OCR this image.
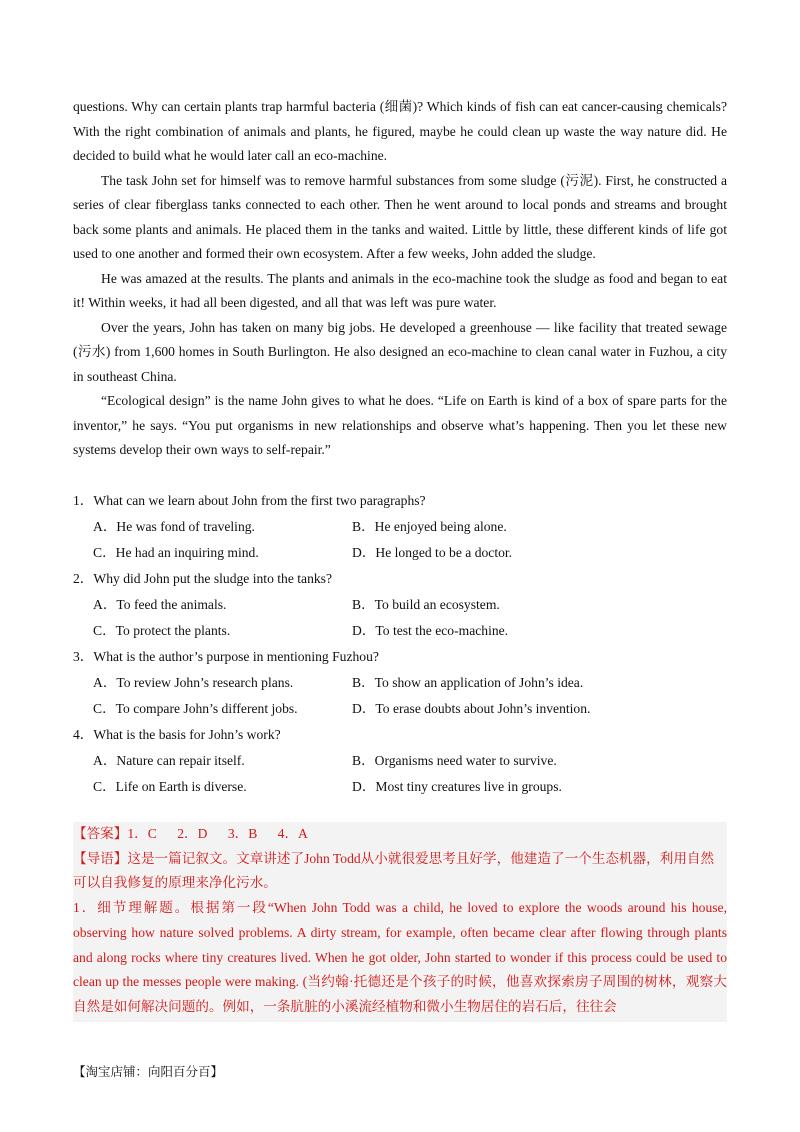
questions. Why can certain plants trap harmful bacteria (细菌)? Which kinds of fish can eat cancer-causing chemicals? With the right combination of animals and plants, he figured, maybe he could clean up waste the way nature did. He decided to build what he would later call an eco-machine.

The task John set for himself was to remove harmful substances from some sludge (污泥). First, he constructed a series of clear fiberglass tanks connected to each other. Then he went around to local ponds and streams and brought back some plants and animals. He placed them in the tanks and waited. Little by little, these different kinds of life got used to one another and formed their own ecosystem. After a few weeks, John added the sludge.

He was amazed at the results. The plants and animals in the eco-machine took the sludge as food and began to eat it! Within weeks, it had all been digested, and all that was left was pure water.

Over the years, John has taken on many big jobs. He developed a greenhouse — like facility that treated sewage (污水) from 1,600 homes in South Burlington. He also designed an eco-machine to clean canal water in Fuzhou, a city in southeast China.

“Ecological design” is the name John gives to what he does. “Life on Earth is kind of a box of spare parts for the inventor,” he says. “You put organisms in new relationships and observe what’s happening. Then you let these new systems develop their own ways to self-repair.”

1．What can we learn about John from the first two paragraphs?
A．He was fond of traveling.	B．He enjoyed being alone.
C．He had an inquiring mind.	D．He longed to be a doctor.
2．Why did John put the sludge into the tanks?
A．To feed the animals.	B．To build an ecosystem.
C．To protect the plants.	D．To test the eco-machine.
3．What is the author’s purpose in mentioning Fuzhou?
A．To review John’s research plans.	B．To show an application of John’s idea.
C．To compare John’s different jobs.	D．To erase doubts about John’s invention.
4．What is the basis for John’s work?
A．Nature can repair itself.	B．Organisms need water to survive.
C．Life on Earth is diverse.	D．Most tiny creatures live in groups.

【答案】1．C      2．D      3．B      4．A

【导语】这是一篇记叙文。文章讲述了John Todd从小就很爱思考且好学，他建造了一个生态机器，利用自然可以自我修复的原理来净化污水。

1．细节理解题。根据第一段“When John Todd was a child, he loved to explore the woods around his house, observing how nature solved problems. A dirty stream, for example, often became clear after flowing through plants and along rocks where tiny creatures lived. When he got older, John started to wonder if this process could be used to clean up the messes people were making. (当约翰·托德还是个孩子的时候，他喜欢探索房子周围的树林，观察大自然是如何解决问题的。例如，一条肮脏的小溪流经植物和微小生物居住的岩石后，往往会

【淘宝店铺：向阳百分百】
